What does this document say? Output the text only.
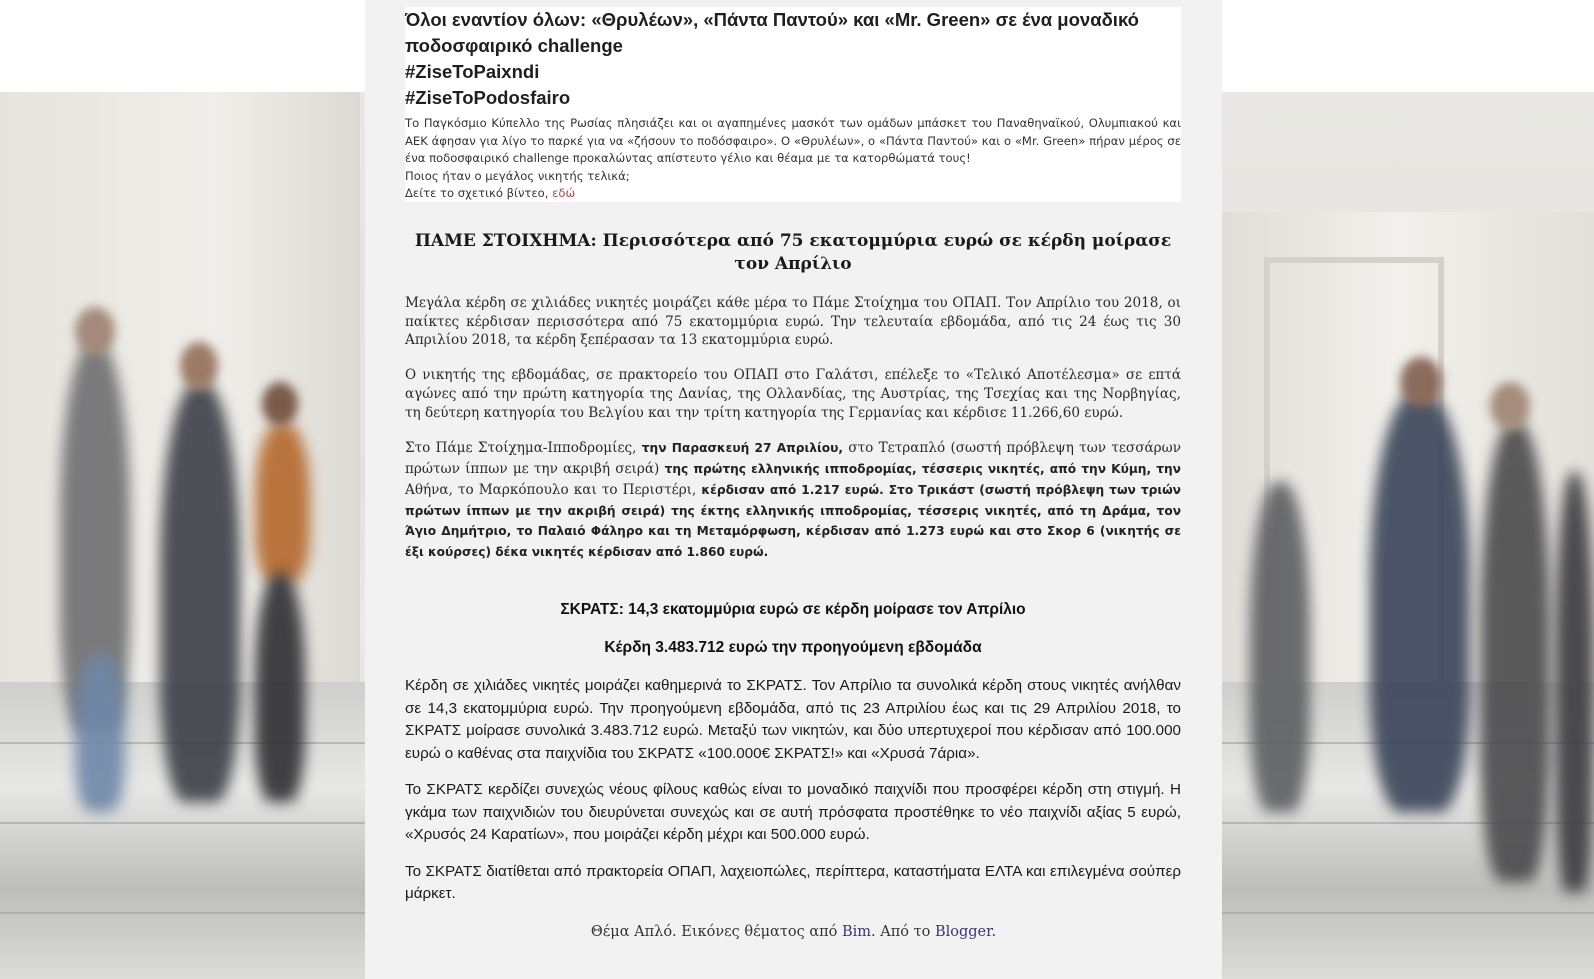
Όλοι εναντίον όλων: «Θρυλέων», «Πάντα Παντού» και «Mr. Green» σε ένα μοναδικό ποδοσφαιρικό challenge

#ZiseToPaixndi

#ZiseToPodosfairo

Το Παγκόσμιο Κύπελλο της Ρωσίας πλησιάζει και οι αγαπημένες μασκότ των ομάδων μπάσκετ του Παναθηναϊκού, Ολυμπιακού και ΑΕΚ άφησαν για λίγο το παρκέ για να «ζήσουν το ποδόσφαιρο». Ο «Θρυλέων», ο «Πάντα Παντού» και ο «Mr. Green» πήραν μέρος σε ένα ποδοσφαιρικό challenge προκαλώντας απίστευτο γέλιο και θέαμα με τα κατορθώματά τους!

Ποιος ήταν ο μεγάλος νικητής τελικά;

Δείτε το σχετικό βίντεο, εδώ

ΠΑΜΕ ΣΤΟΙΧΗΜΑ: Περισσότερα από 75 εκατομμύρια ευρώ σε κέρδη μοίρασε τον Απρίλιο

Μεγάλα κέρδη σε χιλιάδες νικητές μοιράζει κάθε μέρα το Πάμε Στοίχημα του ΟΠΑΠ. Τον Απρίλιο του 2018, οι παίκτες κέρδισαν περισσότερα από 75 εκατομμύρια ευρώ. Την τελευταία εβδομάδα, από τις 24 έως τις 30 Απριλίου 2018, τα κέρδη ξεπέρασαν τα 13 εκατομμύρια ευρώ.

Ο νικητής της εβδομάδας, σε πρακτορείο του ΟΠΑΠ στο Γαλάτσι, επέλεξε το «Τελικό Αποτέλεσμα» σε επτά αγώνες από την πρώτη κατηγορία της Δανίας, της Ολλανδίας, της Αυστρίας, της Τσεχίας και της Νορβηγίας, τη δεύτερη κατηγορία του Βελγίου και την τρίτη κατηγορία της Γερμανίας και κέρδισε 11.266,60 ευρώ.

Στο Πάμε Στοίχημα-Ιπποδρομίες, την Παρασκευή 27 Απριλίου, στο Τετραπλό (σωστή πρόβλεψη των τεσσάρων πρώτων ίππων με την ακριβή σειρά) της πρώτης ελληνικής ιπποδρομίας, τέσσερις νικητές, από την Κύμη, την Αθήνα, το Μαρκόπουλο και το Περιστέρι, κέρδισαν από 1.217 ευρώ. Στο Τρικάστ (σωστή πρόβλεψη των τριών πρώτων ίππων με την ακριβή σειρά) της έκτης ελληνικής ιπποδρομίας, τέσσερις νικητές, από τη Δράμα, τον Άγιο Δημήτριο, το Παλαιό Φάληρο και τη Μεταμόρφωση, κέρδισαν από 1.273 ευρώ και στο Σκορ 6 (νικητής σε έξι κούρσες) δέκα νικητές κέρδισαν από 1.860 ευρώ.

ΣΚΡΑΤΣ: 14,3 εκατομμύρια ευρώ σε κέρδη μοίρασε τον Απρίλιο
Κέρδη 3.483.712 ευρώ την προηγούμενη εβδομάδα

Κέρδη σε χιλιάδες νικητές μοιράζει καθημερινά το ΣΚΡΑΤΣ. Τον Απρίλιο τα συνολικά κέρδη στους νικητές ανήλθαν σε 14,3 εκατομμύρια ευρώ. Την προηγούμενη εβδομάδα, από τις 23 Απριλίου έως και τις 29 Απριλίου 2018, το ΣΚΡΑΤΣ μοίρασε συνολικά 3.483.712 ευρώ. Μεταξύ των νικητών, και δύο υπερτυχεροί που κέρδισαν από 100.000 ευρώ ο καθένας στα παιχνίδια του ΣΚΡΑΤΣ «100.000€ ΣΚΡΑΤΣ!» και «Χρυσά 7άρια».

Το ΣΚΡΑΤΣ κερδίζει συνεχώς νέους φίλους καθώς είναι το μοναδικό παιχνίδι που προσφέρει κέρδη στη στιγμή. Η γκάμα των παιχνιδιών του διευρύνεται συνεχώς και σε αυτή πρόσφατα προστέθηκε το νέο παιχνίδι αξίας 5 ευρώ, «Χρυσός 24 Καρατίων», που μοιράζει κέρδη μέχρι και 500.000 ευρώ.

Το ΣΚΡΑΤΣ διατίθεται από πρακτορεία ΟΠΑΠ, λαχειοπώλες, περίπτερα, καταστήματα ΕΛΤΑ και επιλεγμένα σούπερ μάρκετ.

Θέμα Απλό. Εικόνες θέματος από Bim. Από το Blogger.
